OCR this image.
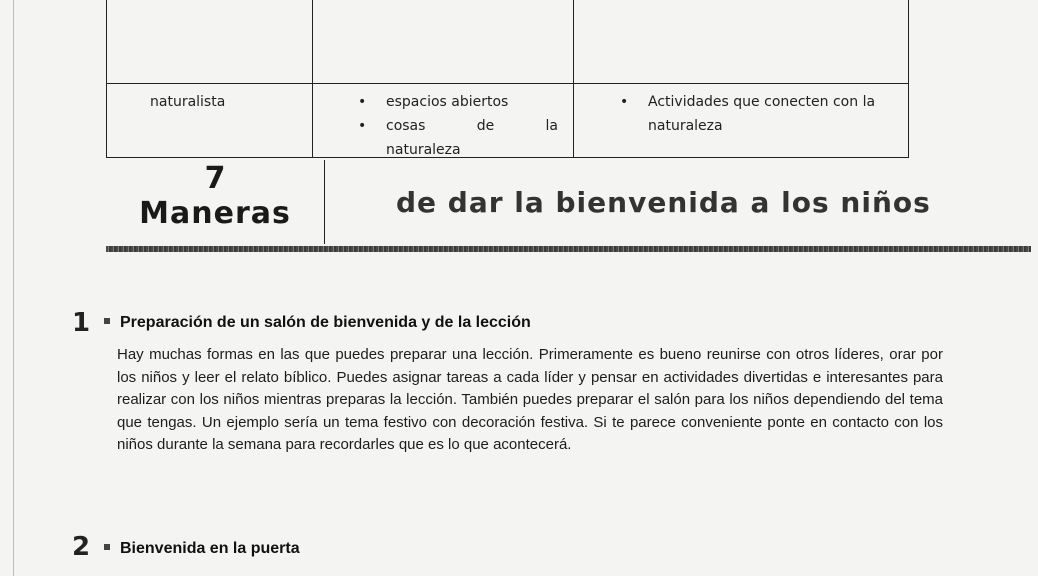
naturalista
•	espacios abiertos
• cosas	de	la
naturaleza
• Actividades que conecten con la naturaleza
7
Maneras	de dar la bienvenida a los niños
1 Preparación de un salón de bienvenida y de la lección
Hay muchas formas en las que puedes preparar una lección. Primeramente es bueno reunirse con otros líderes, orar por los niños y leer el relato bíblico. Puedes asignar tareas a cada líder y pensar en actividades divertidas e interesantes para realizar con los niños mientras preparas la lección. También puedes preparar el salón para los niños dependiendo del tema que tengas. Un ejemplo sería un tema festivo con decoración festiva. Si te parece conveniente ponte en contacto con los niños durante la semana para recordarles que es lo que acontecerá.
2 Bienvenida en la puerta
